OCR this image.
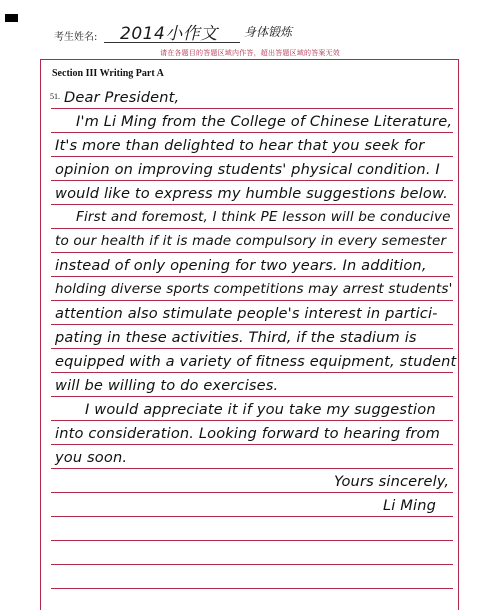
考生姓名: 2014小作文 身体锻炼
请在各题目的答题区域内作答，超出答题区域的答案无效
Section III Writing Part A
51. Dear President,
I'm Li Ming from the College of Chinese Literature,
It's more than delighted to hear that you seek for
opinion on improving students' physical condition. I
would like to express my humble suggestions below.
First and foremost, I think PE lesson will be conducive
to our health if it is made compulsory in every semester
instead of only opening for two years. In addition,
holding diverse sports competitions may arrest students'
attention also stimulate people's interest in partici-
pating in these activities. Third, if the stadium is
equipped with a variety of fitness equipment, student
will be willing to do exercises.
I would appreciate it if you take my suggestion
into consideration. Looking forward to hearing from
you soon.
Yours sincerely,
Li Ming
